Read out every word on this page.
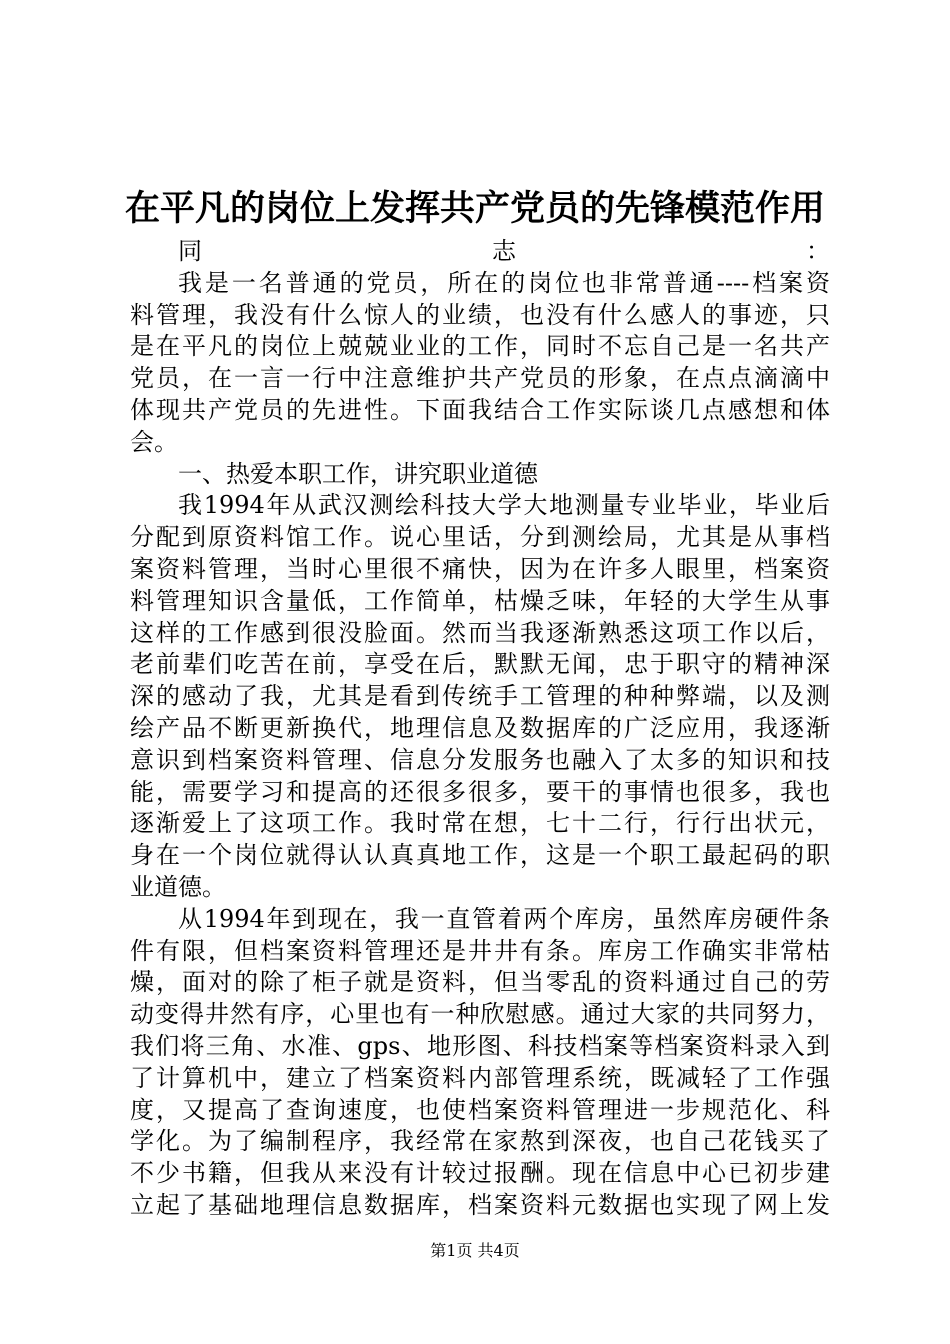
在平凡的岗位上发挥共产党员的先锋模范作用
同志：
我是一名普通的党员，所在的岗位也非常普通----档案资
料管理，我没有什么惊人的业绩，也没有什么感人的事迹，只
是在平凡的岗位上兢兢业业的工作，同时不忘自己是一名共产
党员，在一言一行中注意维护共产党员的形象，在点点滴滴中
体现共产党员的先进性。下面我结合工作实际谈几点感想和体
会。
一、热爱本职工作，讲究职业道德
我1994年从武汉测绘科技大学大地测量专业毕业，毕业后
分配到原资料馆工作。说心里话，分到测绘局，尤其是从事档
案资料管理，当时心里很不痛快，因为在许多人眼里，档案资
料管理知识含量低，工作简单，枯燥乏味，年轻的大学生从事
这样的工作感到很没脸面。然而当我逐渐熟悉这项工作以后，
老前辈们吃苦在前，享受在后，默默无闻，忠于职守的精神深
深的感动了我，尤其是看到传统手工管理的种种弊端，以及测
绘产品不断更新换代，地理信息及数据库的广泛应用，我逐渐
意识到档案资料管理、信息分发服务也融入了太多的知识和技
能，需要学习和提高的还很多很多，要干的事情也很多，我也
逐渐爱上了这项工作。我时常在想，七十二行，行行出状元，
身在一个岗位就得认认真真地工作，这是一个职工最起码的职
业道德。
从1994年到现在，我一直管着两个库房，虽然库房硬件条
件有限，但档案资料管理还是井井有条。库房工作确实非常枯
燥，面对的除了柜子就是资料，但当零乱的资料通过自己的劳
动变得井然有序，心里也有一种欣慰感。通过大家的共同努力，
我们将三角、水准、gps、地形图、科技档案等档案资料录入到
了计算机中，建立了档案资料内部管理系统，既减轻了工作强
度，又提高了查询速度，也使档案资料管理进一步规范化、科
学化。为了编制程序，我经常在家熬到深夜，也自己花钱买了
不少书籍，但我从来没有计较过报酬。现在信息中心已初步建
立起了基础地理信息数据库，档案资料元数据也实现了网上发
第1页 共4页
